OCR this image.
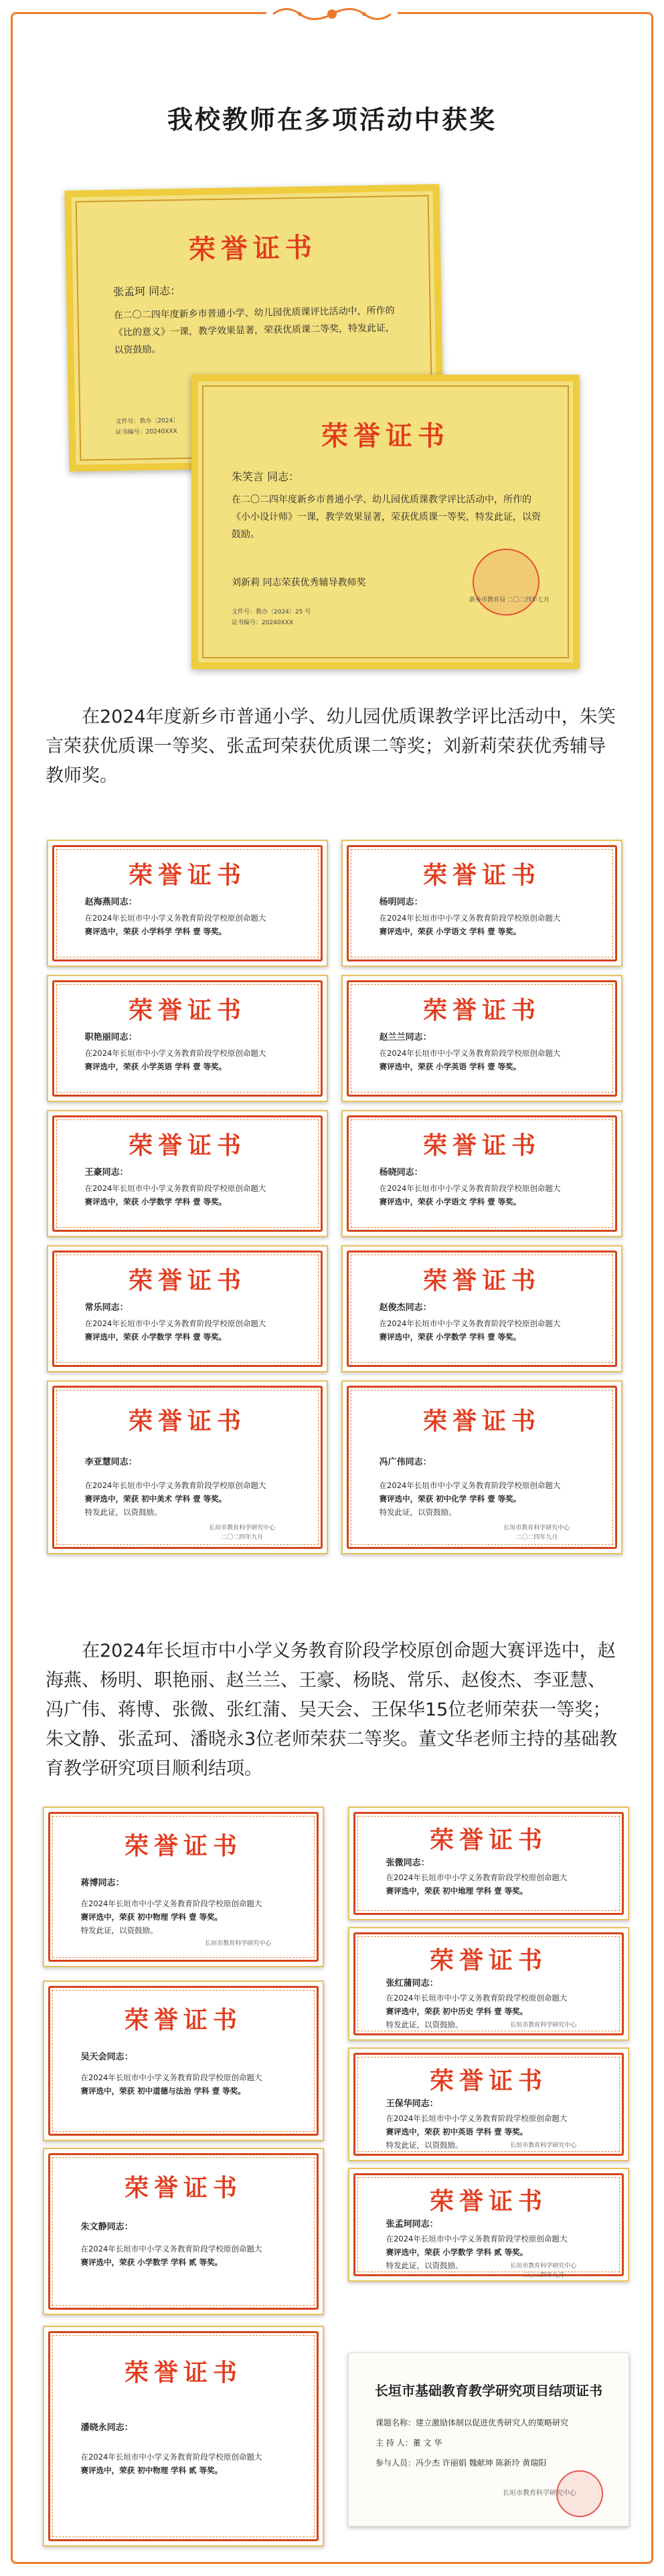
我校教师在多项活动中获奖
荣誉证书
张孟珂 同志：
在二〇二四年度新乡市普通小学、幼儿园优质课评比活动中，所作的《比的意义》一课，教学效果显著，荣获优质课二等奖，特发此证，以资鼓励。
文件号：教办〔2024〕
证书编号：20240XXX	荣誉证书
朱笑言 同志：
在二〇二四年度新乡市普通小学、幼儿园优质课教学评比活动中，所作的《小小设计师》一课，教学效果显著，荣获优质课一等奖，特发此证，以资鼓励。
刘新莉 同志荣获优秀辅导教师奖
文件号：教办〔2024〕25 号
证书编号：20240XXX
新乡市教育局 二〇二四年七月
在2024年度新乡市普通小学、幼儿园优质课教学评比活动中，朱笑言荣获优质课一等奖、张孟珂荣获优质课二等奖；刘新莉荣获优秀辅导教师奖。
荣誉证书
赵海燕同志：
在2024年长垣市中小学义务教育阶段学校原创命题大
赛评选中，荣获 小学科学 学科 壹 等奖。
荣誉证书
杨明同志：
在2024年长垣市中小学义务教育阶段学校原创命题大
赛评选中，荣获 小学语文 学科 壹 等奖。
荣誉证书
职艳丽同志：
在2024年长垣市中小学义务教育阶段学校原创命题大
赛评选中，荣获 小学英语 学科 壹 等奖。
荣誉证书
赵兰兰同志：
在2024年长垣市中小学义务教育阶段学校原创命题大
赛评选中，荣获 小学英语 学科 壹 等奖。
荣誉证书
王豪同志：
在2024年长垣市中小学义务教育阶段学校原创命题大
赛评选中，荣获 小学数学 学科 壹 等奖。
荣誉证书
杨晓同志：
在2024年长垣市中小学义务教育阶段学校原创命题大
赛评选中，荣获 小学语文 学科 壹 等奖。
荣誉证书
常乐同志：
在2024年长垣市中小学义务教育阶段学校原创命题大
赛评选中，荣获 小学数学 学科 壹 等奖。
荣誉证书
赵俊杰同志：
在2024年长垣市中小学义务教育阶段学校原创命题大
赛评选中，荣获 小学数学 学科 壹 等奖。
荣誉证书
李亚慧同志：
在2024年长垣市中小学义务教育阶段学校原创命题大
赛评选中，荣获 初中美术 学科 壹 等奖。
特发此证，以资鼓励。
长垣市教育科学研究中心
二〇二四年九月
荣誉证书
冯广伟同志：
在2024年长垣市中小学义务教育阶段学校原创命题大
赛评选中，荣获 初中化学 学科 壹 等奖。
特发此证，以资鼓励。
长垣市教育科学研究中心
二〇二四年九月
在2024年长垣市中小学义务教育阶段学校原创命题大赛评选中，赵海燕、杨明、职艳丽、赵兰兰、王豪、杨晓、常乐、赵俊杰、李亚慧、冯广伟、蒋博、张微、张红蒲、吴天会、王保华15位老师荣获一等奖；朱文静、张孟珂、潘晓永3位老师荣获二等奖。董文华老师主持的基础教育教学研究项目顺利结项。
荣誉证书
蒋博同志：
在2024年长垣市中小学义务教育阶段学校原创命题大
赛评选中，荣获 初中物理 学科 壹 等奖。
特发此证，以资鼓励。
长垣市教育科学研究中心
荣誉证书
张微同志：
在2024年长垣市中小学义务教育阶段学校原创命题大
赛评选中，荣获 初中地理 学科 壹 等奖。
荣誉证书
吴天会同志：
在2024年长垣市中小学义务教育阶段学校原创命题大
赛评选中，荣获 初中道德与法治 学科 壹 等奖。
荣誉证书
张红蒲同志：
在2024年长垣市中小学义务教育阶段学校原创命题大
赛评选中，荣获 初中历史 学科 壹 等奖。
特发此证，以资鼓励。	长垣市教育科学研究中心
荣誉证书
朱文静同志：
在2024年长垣市中小学义务教育阶段学校原创命题大
赛评选中，荣获 小学数学 学科 贰 等奖。
荣誉证书
王保华同志：
在2024年长垣市中小学义务教育阶段学校原创命题大
赛评选中，荣获 初中英语 学科 壹 等奖。
特发此证，以资鼓励。	长垣市教育科学研究中心
荣誉证书
潘晓永同志：
在2024年长垣市中小学义务教育阶段学校原创命题大
赛评选中，荣获 初中物理 学科 贰 等奖。
荣誉证书
张孟珂同志：
在2024年长垣市中小学义务教育阶段学校原创命题大
赛评选中，荣获 小学数学 学科 贰 等奖。
特发此证，以资鼓励。	长垣市教育科学研究中心
二〇二四年九月
长垣市基础教育教学研究项目结项证书
课题名称：建立激励体制以促进优秀研究人的策略研究
主 持 人：董 文 华
参与人员：冯少杰 许丽娟 魏献坤 陈新玲 黄瑞阳
长垣市教育科学研究中心
